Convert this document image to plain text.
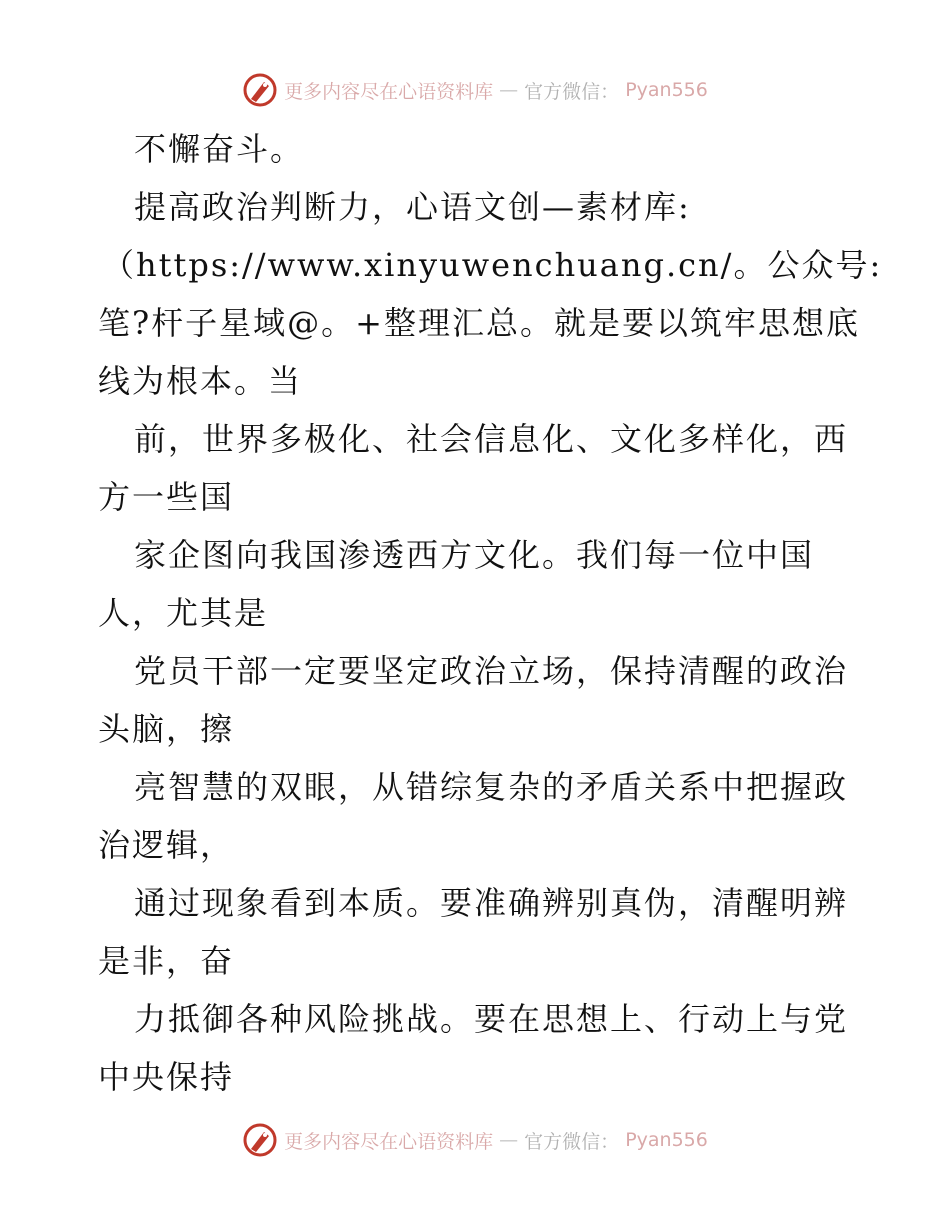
更多内容尽在心语资料库 — 官方微信： Pyan556
不懈奋斗。
提高政治判断力，心语文创—素材库:
（https://www.xinyuwenchuang.cn/。公众号:
笔?杆子星域@。+整理汇总。就是要以筑牢思想底
线为根本。当
前，世界多极化、社会信息化、文化多样化，西
方一些国
家企图向我国渗透西方文化。我们每一位中国
人，尤其是
党员干部一定要坚定政治立场，保持清醒的政治
头脑，擦
亮智慧的双眼，从错综复杂的矛盾关系中把握政
治逻辑，
通过现象看到本质。要准确辨别真伪，清醒明辨
是非，奋
力抵御各种风险挑战。要在思想上、行动上与党
中央保持
更多内容尽在心语资料库 — 官方微信： Pyan556
